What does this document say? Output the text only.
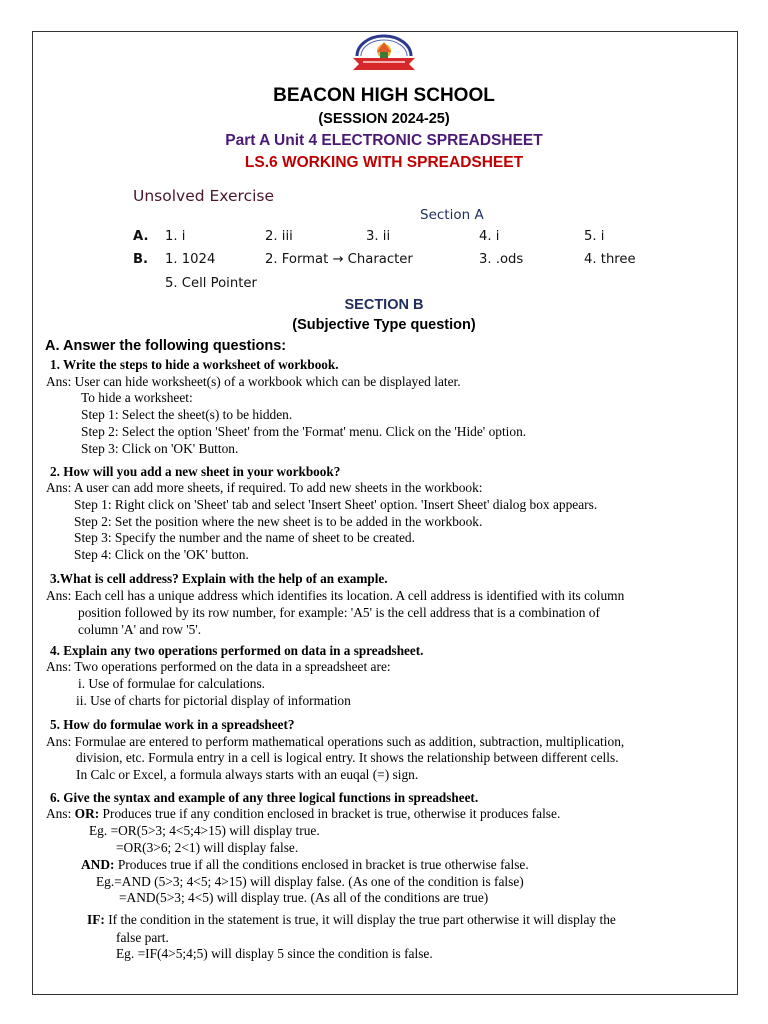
BEACON HIGH SCHOOL
(SESSION 2024-25)
Part A Unit 4 ELECTRONIC SPREADSHEET
LS.6 WORKING WITH SPREADSHEET
Unsolved Exercise
Section A
A. 1. i	2. iii	3. ii	4. i	5. i
B. 1. 1024	2. Format → Character	3. .ods	4. three
5. Cell Pointer
SECTION B
(Subjective Type question)
A. Answer the following questions:
1. Write the steps to hide a worksheet of workbook.
Ans: User can hide worksheet(s) of a workbook which can be displayed later.
To hide a worksheet:
Step 1: Select the sheet(s) to be hidden.
Step 2: Select the option 'Sheet' from the 'Format' menu. Click on the 'Hide' option.
Step 3: Click on 'OK' Button.
2. How will you add a new sheet in your workbook?
Ans: A user can add more sheets, if required. To add new sheets in the workbook:
Step 1: Right click on 'Sheet' tab and select 'Insert Sheet' option. 'Insert Sheet' dialog box appears.
Step 2: Set the position where the new sheet is to be added in the workbook.
Step 3: Specify the number and the name of sheet to be created.
Step 4: Click on the 'OK' button.
3.What is cell address? Explain with the help of an example.
Ans: Each cell has a unique address which identifies its location. A cell address is identified with its column
position followed by its row number, for example: 'A5' is the cell address that is a combination of
column 'A' and row '5'.
4. Explain any two operations performed on data in a spreadsheet.
Ans: Two operations performed on the data in a spreadsheet are:
i. Use of formulae for calculations.
ii. Use of charts for pictorial display of information
5. How do formulae work in a spreadsheet?
Ans: Formulae are entered to perform mathematical operations such as addition, subtraction, multiplication,
division, etc. Formula entry in a cell is logical entry. It shows the relationship between different cells.
In Calc or Excel, a formula always starts with an euqal (=) sign.
6. Give the syntax and example of any three logical functions in spreadsheet.
Ans: OR: Produces true if any condition enclosed in bracket is true, otherwise it produces false.
Eg. =OR(5>3; 4<5;4>15) will display true.
=OR(3>6; 2<1) will display false.
AND: Produces true if all the conditions enclosed in bracket is true otherwise false.
Eg.=AND (5>3; 4<5; 4>15) will display false. (As one of the condition is false)
=AND(5>3; 4<5) will display true. (As all of the conditions are true)
IF: If the condition in the statement is true, it will display the true part otherwise it will display the
false part.
Eg. =IF(4>5;4;5) will display 5 since the condition is false.
